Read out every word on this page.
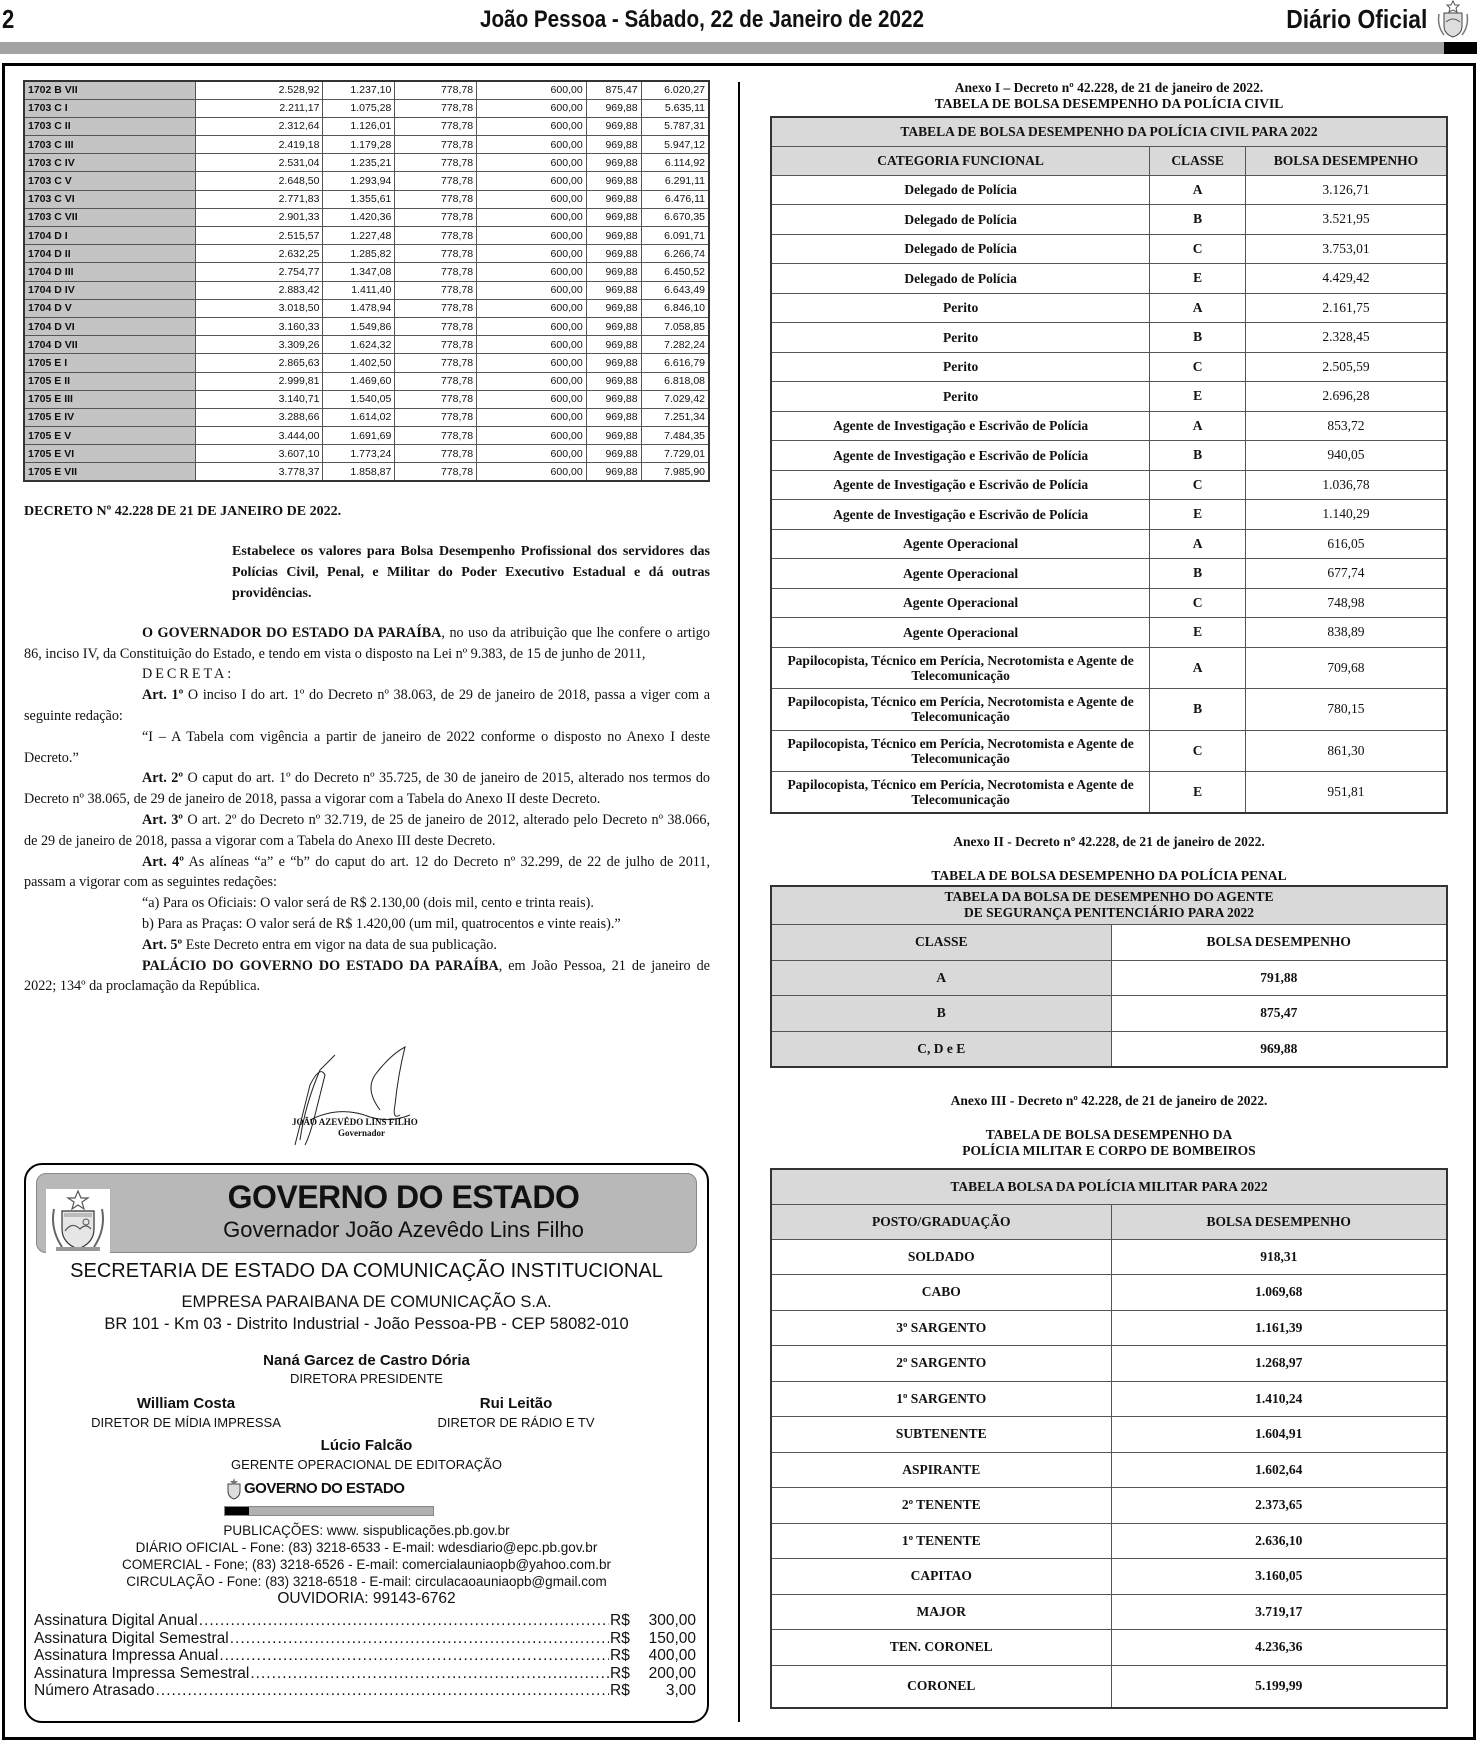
2	João Pessoa - Sábado, 22 de Janeiro de 2022	Diário Oficial
1702 B VII	2.528,92	1.237,10	778,78	600,00	875,47	6.020,27
1703 C I	2.211,17	1.075,28	778,78	600,00	969,88	5.635,11
1703 C II	2.312,64	1.126,01	778,78	600,00	969,88	5.787,31
1703 C III	2.419,18	1.179,28	778,78	600,00	969,88	5.947,12
1703 C IV	2.531,04	1.235,21	778,78	600,00	969,88	6.114,92
1703 C V	2.648,50	1.293,94	778,78	600,00	969,88	6.291,11
1703 C VI	2.771,83	1.355,61	778,78	600,00	969,88	6.476,11
1703 C VII	2.901,33	1.420,36	778,78	600,00	969,88	6.670,35
1704 D I	2.515,57	1.227,48	778,78	600,00	969,88	6.091,71
1704 D II	2.632,25	1.285,82	778,78	600,00	969,88	6.266,74
1704 D III	2.754,77	1.347,08	778,78	600,00	969,88	6.450,52
1704 D IV	2.883,42	1.411,40	778,78	600,00	969,88	6.643,49
1704 D V	3.018,50	1.478,94	778,78	600,00	969,88	6.846,10
1704 D VI	3.160,33	1.549,86	778,78	600,00	969,88	7.058,85
1704 D VII	3.309,26	1.624,32	778,78	600,00	969,88	7.282,24
1705 E I	2.865,63	1.402,50	778,78	600,00	969,88	6.616,79
1705 E II	2.999,81	1.469,60	778,78	600,00	969,88	6.818,08
1705 E III	3.140,71	1.540,05	778,78	600,00	969,88	7.029,42
1705 E IV	3.288,66	1.614,02	778,78	600,00	969,88	7.251,34
1705 E V	3.444,00	1.691,69	778,78	600,00	969,88	7.484,35
1705 E VI	3.607,10	1.773,24	778,78	600,00	969,88	7.729,01
1705 E VII	3.778,37	1.858,87	778,78	600,00	969,88	7.985,90
DECRETO Nº 42.228 DE 21 DE JANEIRO DE 2022.
Estabelece os valores para Bolsa Desempenho Profissional dos servidores das Polícias Civil, Penal, e Militar do Poder Executivo Estadual e dá outras providências.

O GOVERNADOR DO ESTADO DA PARAÍBA, no uso da atribuição que lhe confere o artigo 86, inciso IV, da Constituição do Estado, e tendo em vista o disposto na Lei nº 9.383, de 15 de junho de 2011,

DECRETA:

Art. 1º O inciso I do art. 1º do Decreto nº 38.063, de 29 de janeiro de 2018, passa a viger com a seguinte redação:

“I – A Tabela com vigência a partir de janeiro de 2022 conforme o disposto no Anexo I deste Decreto.”

Art. 2º O caput do art. 1º do Decreto nº 35.725, de 30 de janeiro de 2015, alterado nos termos do Decreto nº 38.065, de 29 de janeiro de 2018, passa a vigorar com a Tabela do Anexo II deste Decreto.

Art. 3º O art. 2º do Decreto nº 32.719, de 25 de janeiro de 2012, alterado pelo Decreto nº 38.066, de 29 de janeiro de 2018, passa a vigorar com a Tabela do Anexo III deste Decreto.

Art. 4º As alíneas “a” e “b” do caput do art. 12 do Decreto nº 32.299, de 22 de julho de 2011, passam a vigorar com as seguintes redações:

“a) Para os Oficiais: O valor será de R$ 2.130,00 (dois mil, cento e trinta reais).

b) Para as Praças: O valor será de R$ 1.420,00 (um mil, quatrocentos e vinte reais).”

Art. 5º Este Decreto entra em vigor na data de sua publicação.

PALÁCIO DO GOVERNO DO ESTADO DA PARAÍBA, em João Pessoa, 21 de janeiro de 2022; 134º da proclamação da República.

JOÃO AZEVÊDO LINS FILHO
Governador
GOVERNO DO ESTADO
Governador João Azevêdo Lins Filho
SECRETARIA DE ESTADO DA COMUNICAÇÃO INSTITUCIONAL
EMPRESA PARAIBANA DE COMUNICAÇÃO S.A.
BR 101 - Km 03 - Distrito Industrial - João Pessoa-PB - CEP 58082-010
Naná Garcez de Castro Dória
DIRETORA PRESIDENTE
William Costa
DIRETOR DE MÍDIA IMPRESSA
Rui Leitão
DIRETOR DE RÁDIO E TV
Lúcio Falcão
GERENTE OPERACIONAL DE EDITORAÇÃO
GOVERNO DO ESTADO
PUBLICAÇÕES: www. sispublicações.pb.gov.br
DIÁRIO OFICIAL - Fone: (83) 3218-6533 - E-mail: wdesdiario@epc.pb.gov.br
COMERCIAL - Fone; (83) 3218-6526 - E-mail: comercialauniaopb@yahoo.com.br
CIRCULAÇÃO - Fone: (83) 3218-6518 - E-mail: circulacaoauniaopb@gmail.com
OUVIDORIA: 99143-6762
Assinatura Digital Anual .....	R$ 300,00
Assinatura Digital Semestral .....	R$ 150,00
Assinatura Impressa Anual .....	R$ 400,00
Assinatura Impressa Semestral .....	R$ 200,00
Número Atrasado .....	R$ 3,00
Anexo I – Decreto nº 42.228, de 21 de janeiro de 2022.
TABELA DE BOLSA DESEMPENHO DA POLÍCIA CIVIL
TABELA DE BOLSA DESEMPENHO DA POLÍCIA CIVIL PARA 2022		
CATEGORIA FUNCIONAL	CLASSE	BOLSA DESEMPENHO
Delegado de Polícia	A	3.126,71
Delegado de Polícia	B	3.521,95
Delegado de Polícia	C	3.753,01
Delegado de Polícia	E	4.429,42
Perito	A	2.161,75
Perito	B	2.328,45
Perito	C	2.505,59
Perito	E	2.696,28
Agente de Investigação e Escrivão de Polícia	A	853,72
Agente de Investigação e Escrivão de Polícia	B	940,05
Agente de Investigação e Escrivão de Polícia	C	1.036,78
Agente de Investigação e Escrivão de Polícia	E	1.140,29
Agente Operacional	A	616,05
Agente Operacional	B	677,74
Agente Operacional	C	748,98
Agente Operacional	E	838,89
Papilocopista, Técnico em Perícia, Necrotomista e Agente de Telecomunicação	A	709,68
Papilocopista, Técnico em Perícia, Necrotomista e Agente de Telecomunicação	B	780,15
Papilocopista, Técnico em Perícia, Necrotomista e Agente de Telecomunicação	C	861,30
Papilocopista, Técnico em Perícia, Necrotomista e Agente de Telecomunicação	E	951,81
Anexo II - Decreto nº 42.228, de 21 de janeiro de 2022.
TABELA DE BOLSA DESEMPENHO DA POLÍCIA PENAL
TABELA DA BOLSA DE DESEMPENHO DO AGENTE
DE SEGURANÇA PENITENCIÁRIO PARA 2022	

CLASSE	BOLSA DESEMPENHO
A	791,88
B	875,47
C, D e E	969,88
Anexo III - Decreto nº 42.228, de 21 de janeiro de 2022.
TABELA DE BOLSA DESEMPENHO DA
POLÍCIA MILITAR E CORPO DE BOMBEIROS
TABELA BOLSA DA POLÍCIA MILITAR PARA 2022	
POSTO/GRADUAÇÃO	BOLSA DESEMPENHO
SOLDADO	918,31
CABO	1.069,68
3º SARGENTO	1.161,39
2º SARGENTO	1.268,97
1º SARGENTO	1.410,24
SUBTENENTE	1.604,91
ASPIRANTE	1.602,64
2º TENENTE	2.373,65
1º TENENTE	2.636,10
CAPITAO	3.160,05
MAJOR	3.719,17
TEN. CORONEL	4.236,36
CORONEL	5.199,99
